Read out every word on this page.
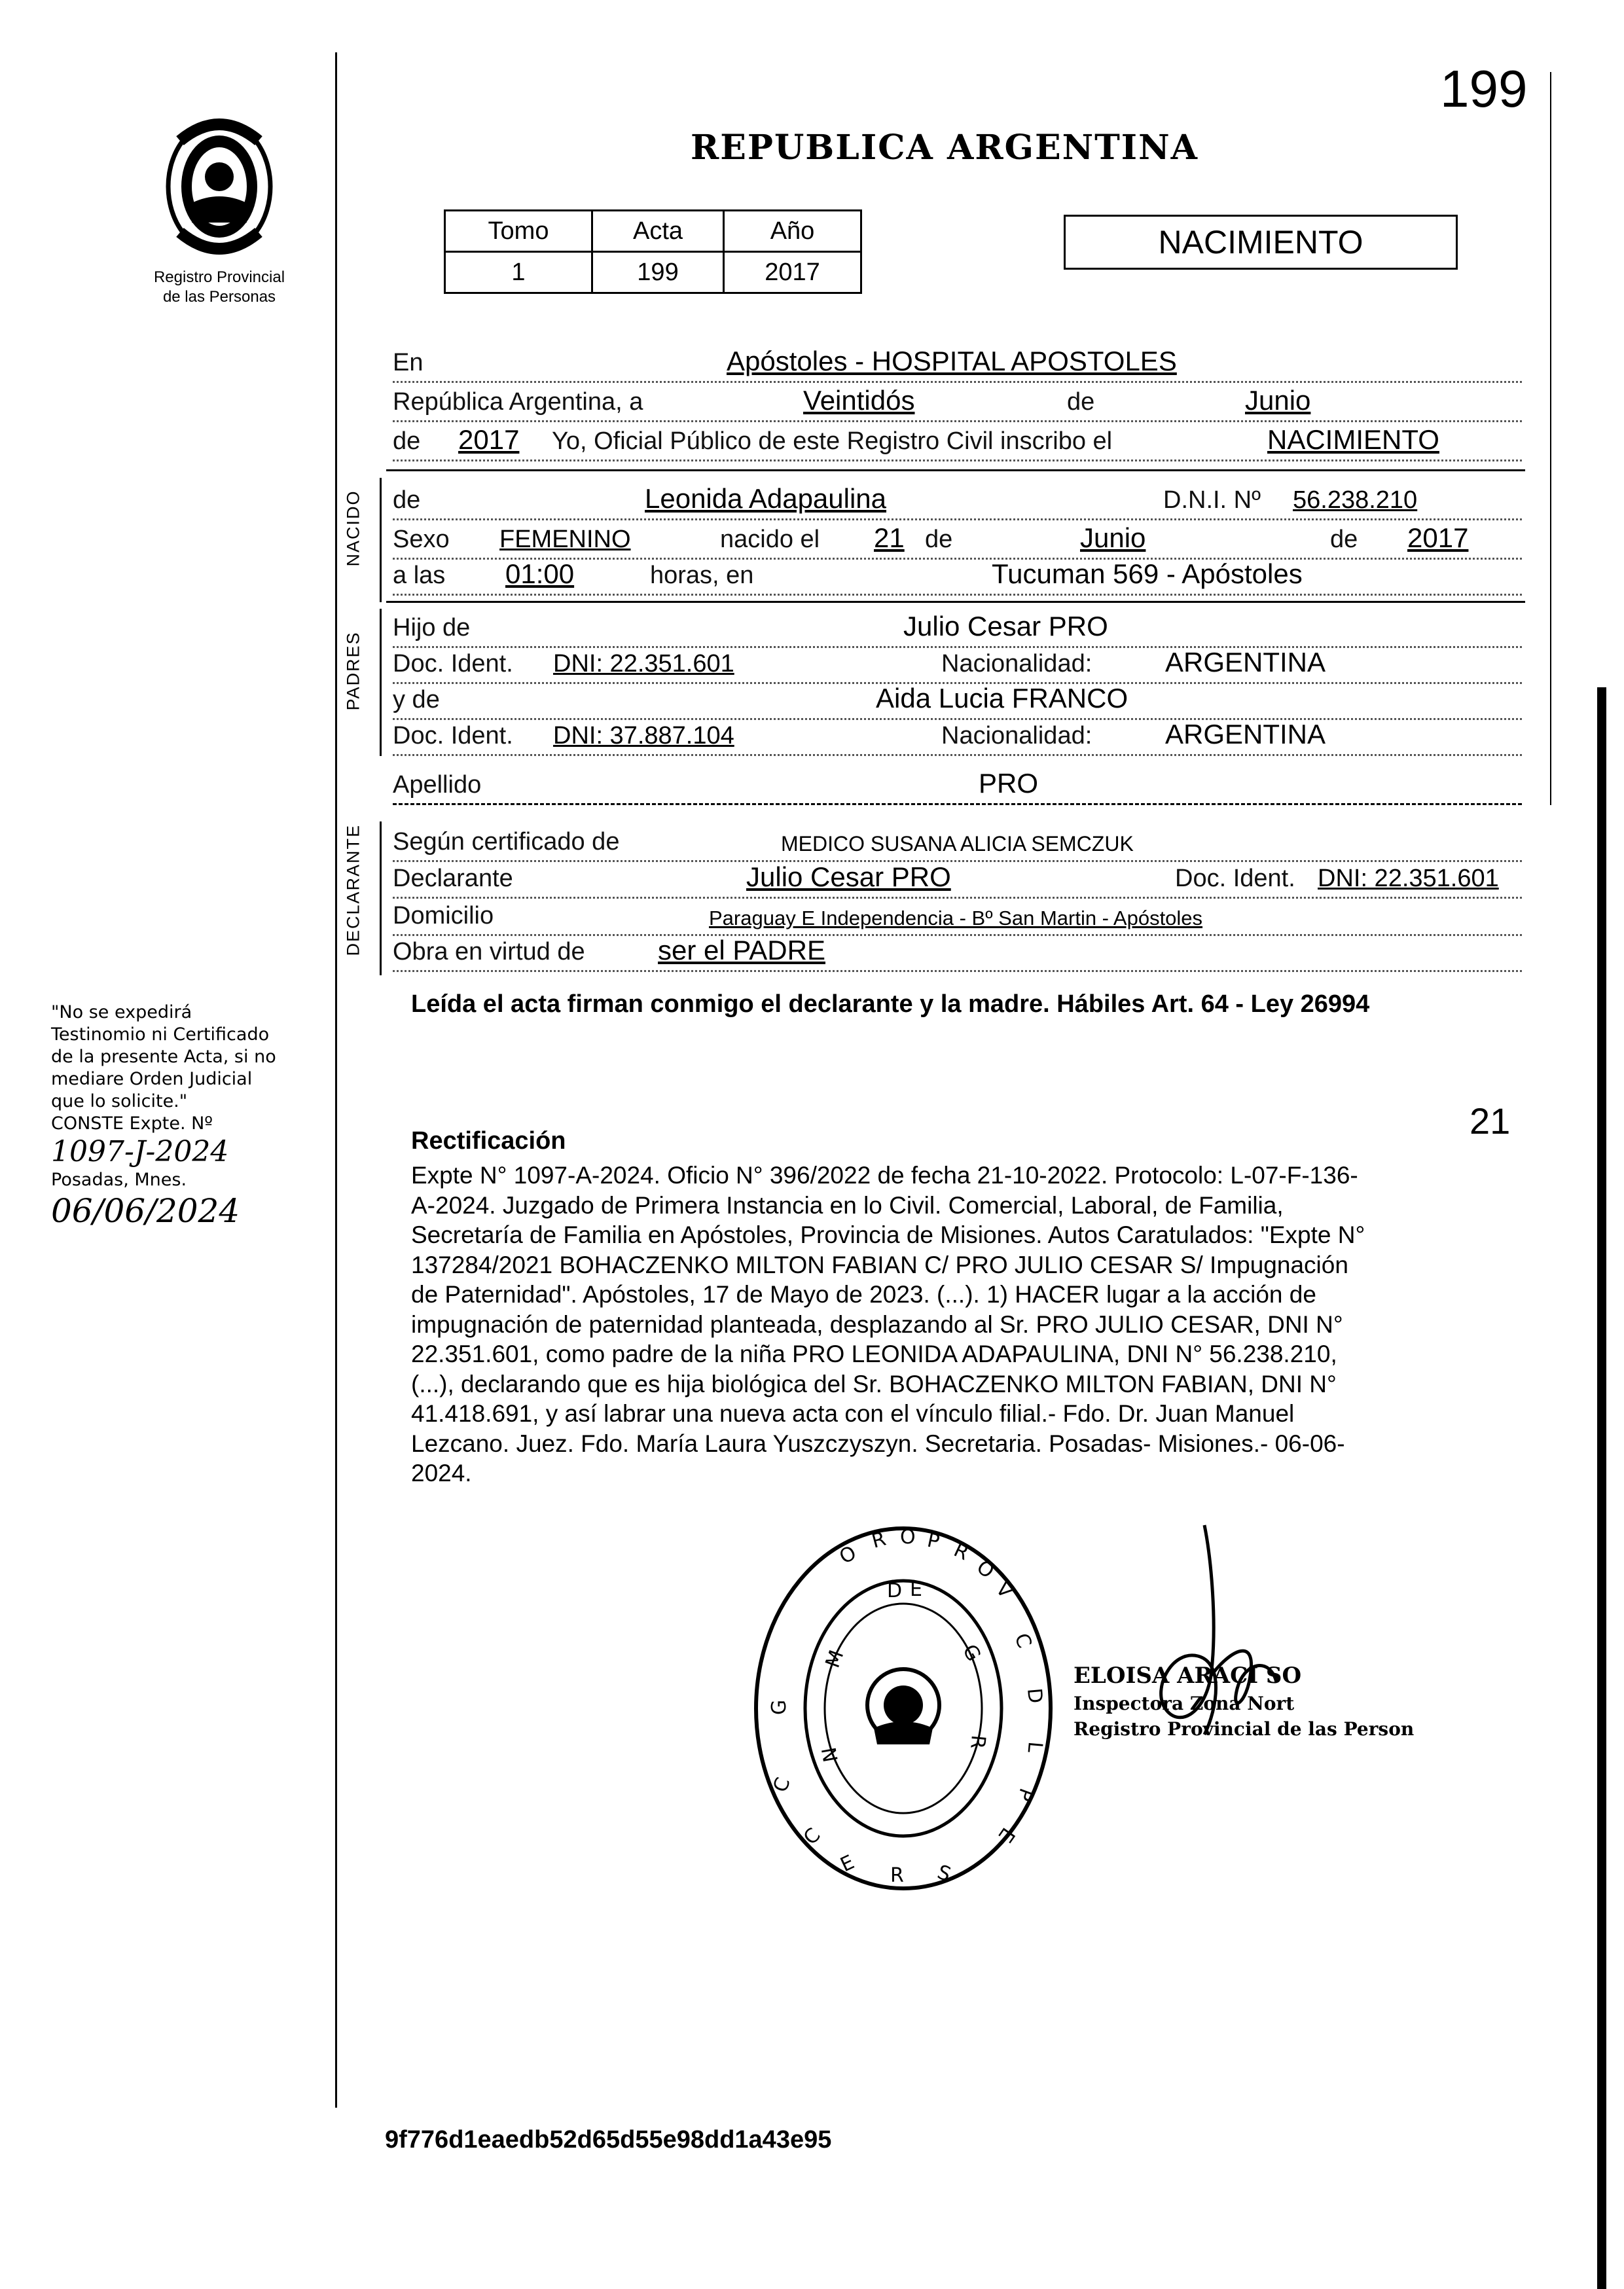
199
Registro Provincial
de las Personas
REPUBLICA ARGENTINA
Tomo	Acta	Año
1	199	2017
NACIMIENTO
En	Apóstoles - HOSPITAL APOSTOLES
República Argentina, a	Veintidós	de	Junio
de 2017 Yo, Oficial Público de este Registro Civil inscribo el	NACIMIENTO
NACIDO de	Leonida Adapaulina	D.N.I. Nº 56.238.210
Sexo FEMENINO	nacido el 21 de	Junio	de 2017
a las 01:00	horas, en	Tucuman 569 - Apóstoles
PADRES
Hijo de	Julio Cesar PRO
Doc. Ident. DNI: 22.351.601	Nacionalidad:	ARGENTINA
y de	Aida Lucia FRANCO
Doc. Ident. DNI: 37.887.104	Nacionalidad:	ARGENTINA
Apellido	PRO
DECLARANTE Según certificado de	MEDICO SUSANA ALICIA SEMCZUK
Declarante	Julio Cesar PRO	Doc. Ident. DNI: 22.351.601
Domicilio	Paraguay E Independencia - Bº San Martin - Apóstoles
Obra en virtud de	ser el PADRE
Leída el acta firman conmigo el declarante y la madre. Hábiles Art. 64 - Ley 26994
"No se expedirá
Testinomio ni Certificado
de la presente Acta, si no
mediare Orden Judicial
que lo solicite."
CONSTE Expte. Nº
1097-J-2024
Posadas, Mnes.
06/06/2024
21
Rectificación
Expte N° 1097-A-2024. Oficio N° 396/2022 de fecha 21-10-2022. Protocolo: L-07-F-136-
A-2024. Juzgado de Primera Instancia en lo Civil. Comercial, Laboral, de Familia,
Secretaría de Familia en Apóstoles, Provincia de Misiones. Autos Caratulados: "Expte N°
137284/2021 BOHACZENKO MILTON FABIAN C/ PRO JULIO CESAR S/ Impugnación
de Paternidad". Apóstoles, 17 de Mayo de 2023. (...). 1) HACER lugar a la acción de
impugnación de paternidad planteada, desplazando al Sr. PRO JULIO CESAR, DNI N°
22.351.601, como padre de la niña PRO LEONIDA ADAPAULINA, DNI N° 56.238.210,
(...), declarando que es hija biológica del Sr. BOHACZENKO MILTON FABIAN, DNI N°
41.418.691, y así labrar una nueva acta con el vínculo filial.- Fdo. Dr. Juan Manuel
Lezcano. Juez. Fdo. María Laura Yuszczyszyn. Secretaria. Posadas- Misiones.- 06-06-
2024.
O
R O P R
O
V
C
D
L
P
E
G
C
C
E R S
M
N
D E
G
R
ELOISA ARACI SO
Inspectora Zona Nort
Registro Provincial de las Person
9f776d1eaedb52d65d55e98dd1a43e95
